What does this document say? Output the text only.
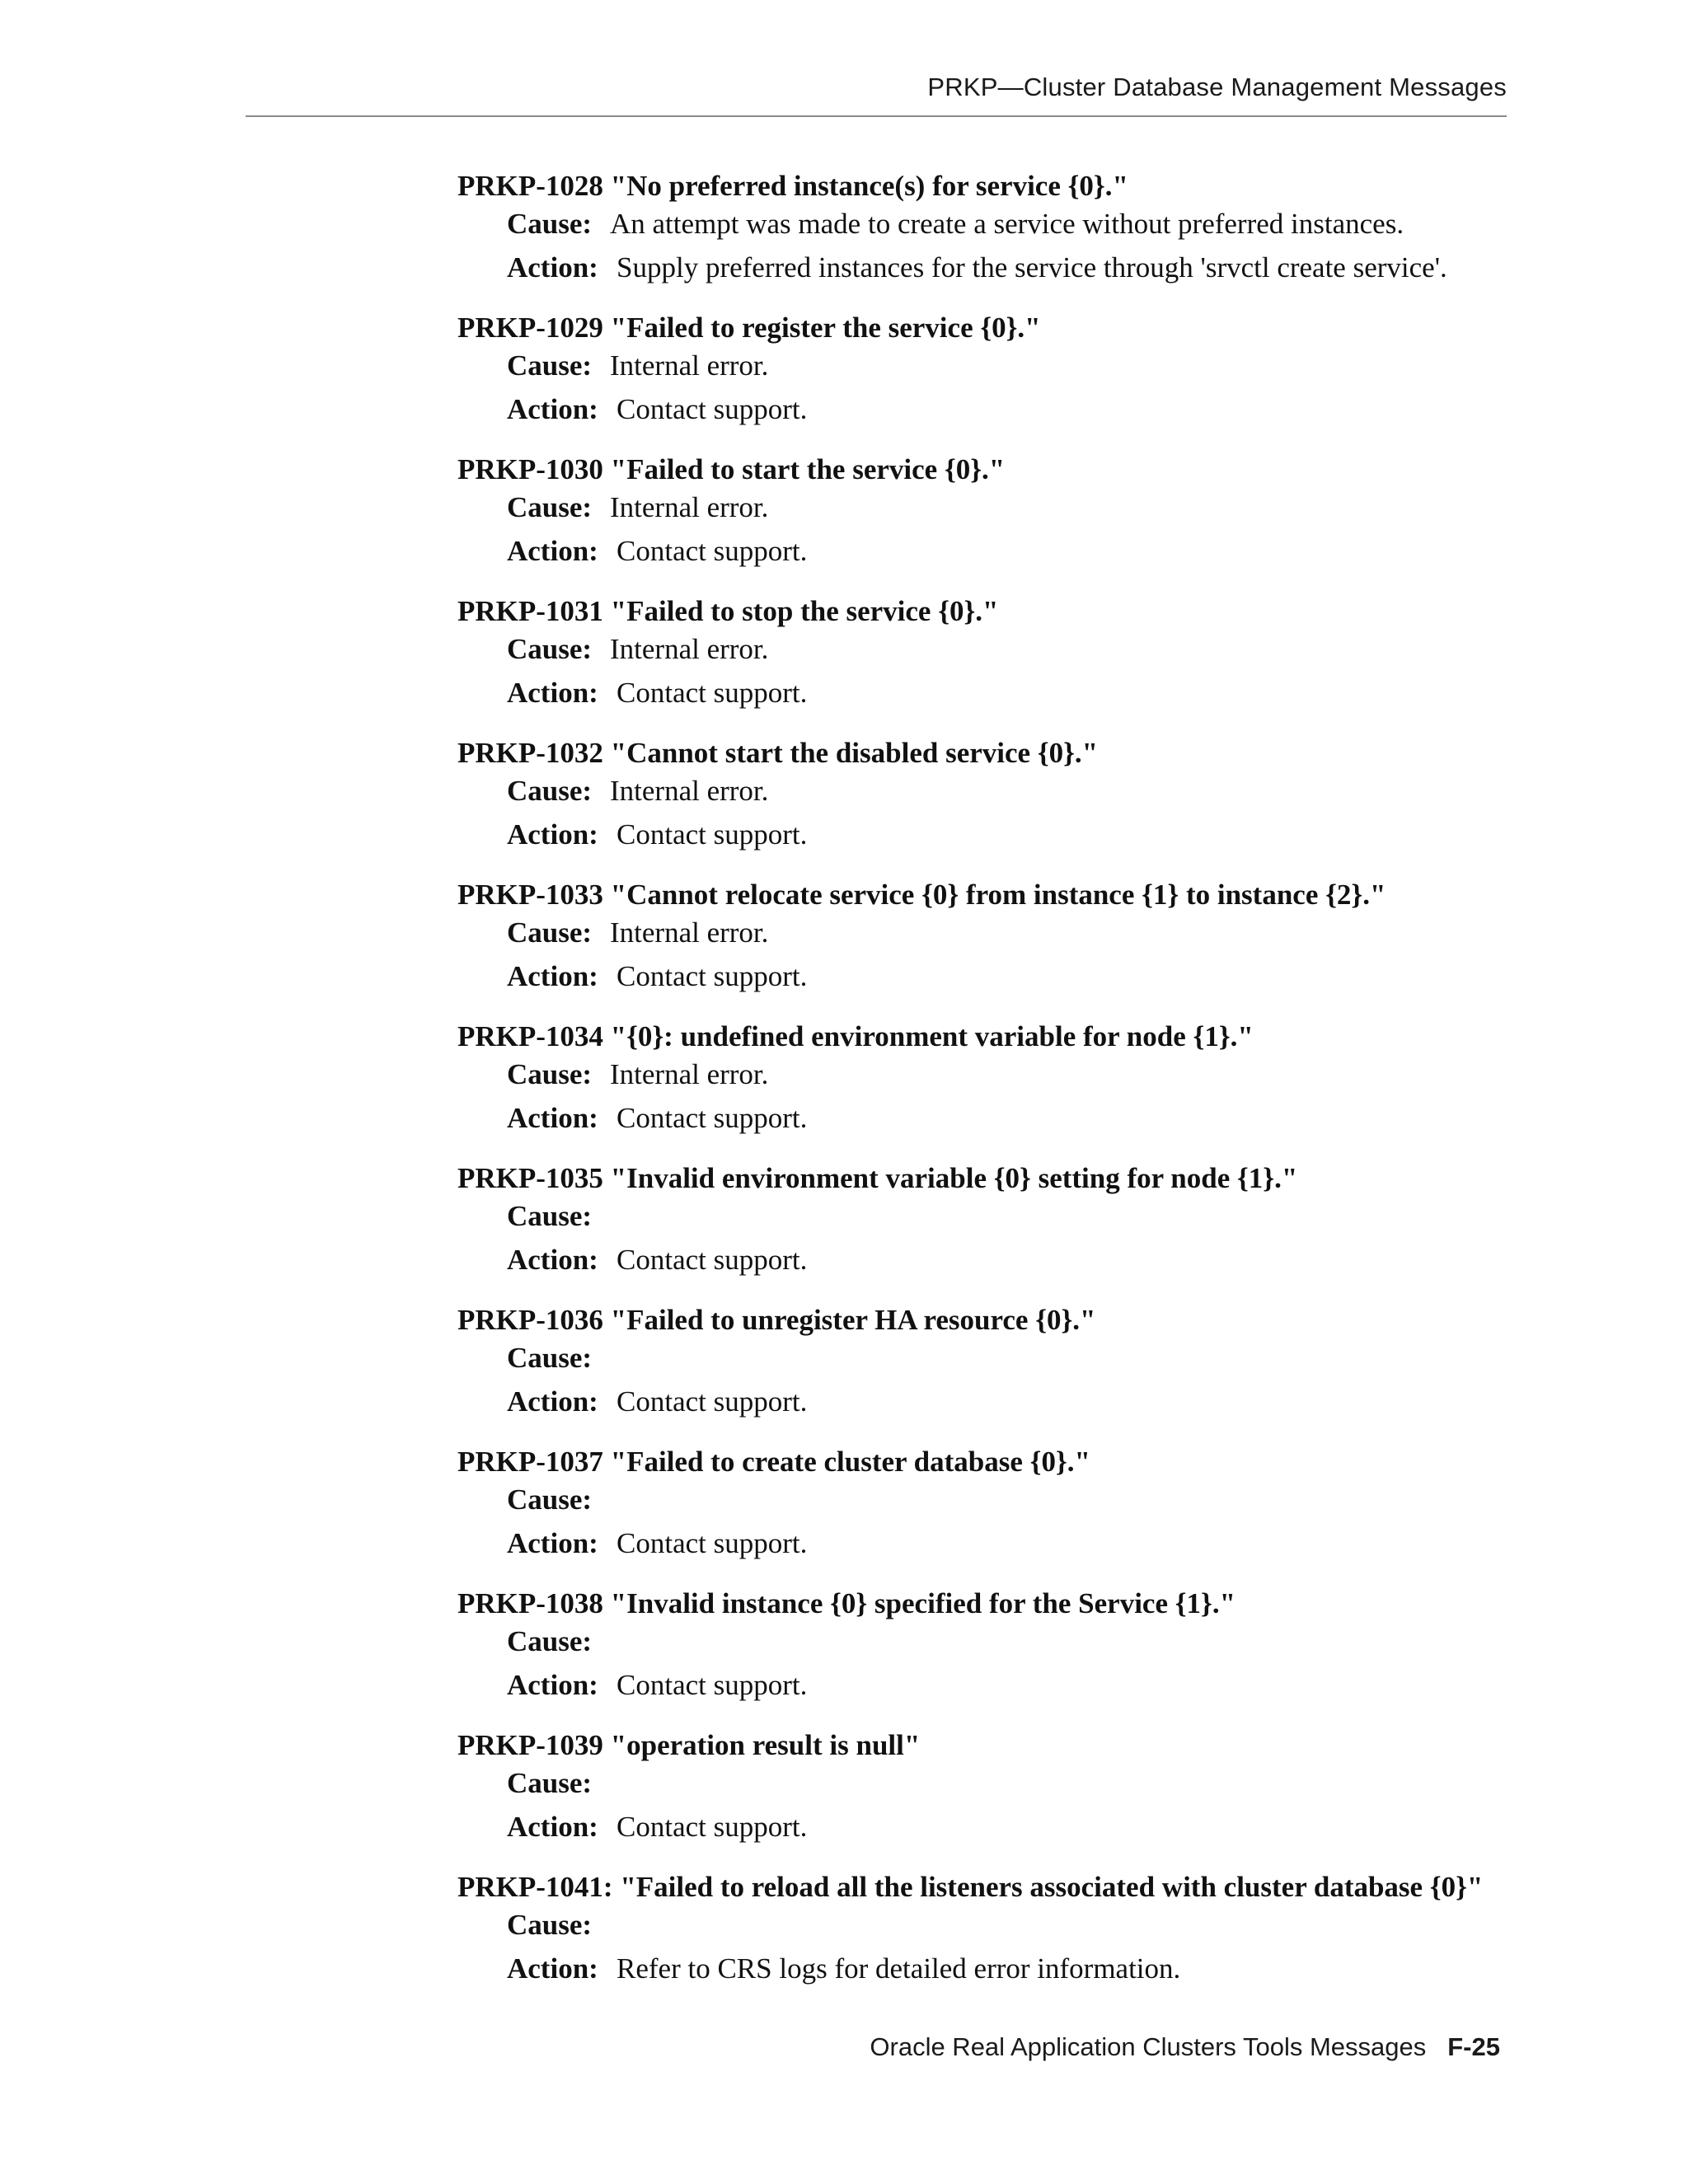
PRKP—Cluster Database Management Messages
PRKP-1028 "No preferred instance(s) for service {0}."
Cause: An attempt was made to create a service without preferred instances.
Action: Supply preferred instances for the service through 'srvctl create service'.
PRKP-1029 "Failed to register the service {0}."
Cause: Internal error.
Action: Contact support.
PRKP-1030 "Failed to start the service {0}."
Cause: Internal error.
Action: Contact support.
PRKP-1031 "Failed to stop the service {0}."
Cause: Internal error.
Action: Contact support.
PRKP-1032 "Cannot start the disabled service {0}."
Cause: Internal error.
Action: Contact support.
PRKP-1033 "Cannot relocate service {0} from instance {1} to instance {2}."
Cause: Internal error.
Action: Contact support.
PRKP-1034 "{0}: undefined environment variable for node {1}."
Cause: Internal error.
Action: Contact support.
PRKP-1035 "Invalid environment variable {0} setting for node {1}."
Cause:
Action: Contact support.
PRKP-1036 "Failed to unregister HA resource {0}."
Cause:
Action: Contact support.
PRKP-1037 "Failed to create cluster database {0}."
Cause:
Action: Contact support.
PRKP-1038 "Invalid instance {0} specified for the Service {1}."
Cause:
Action: Contact support.
PRKP-1039 "operation result is null"
Cause:
Action: Contact support.
PRKP-1041: "Failed to reload all the listeners associated with cluster database {0}"
Cause:
Action: Refer to CRS logs for detailed error information.
Oracle Real Application Clusters Tools Messages F-25
